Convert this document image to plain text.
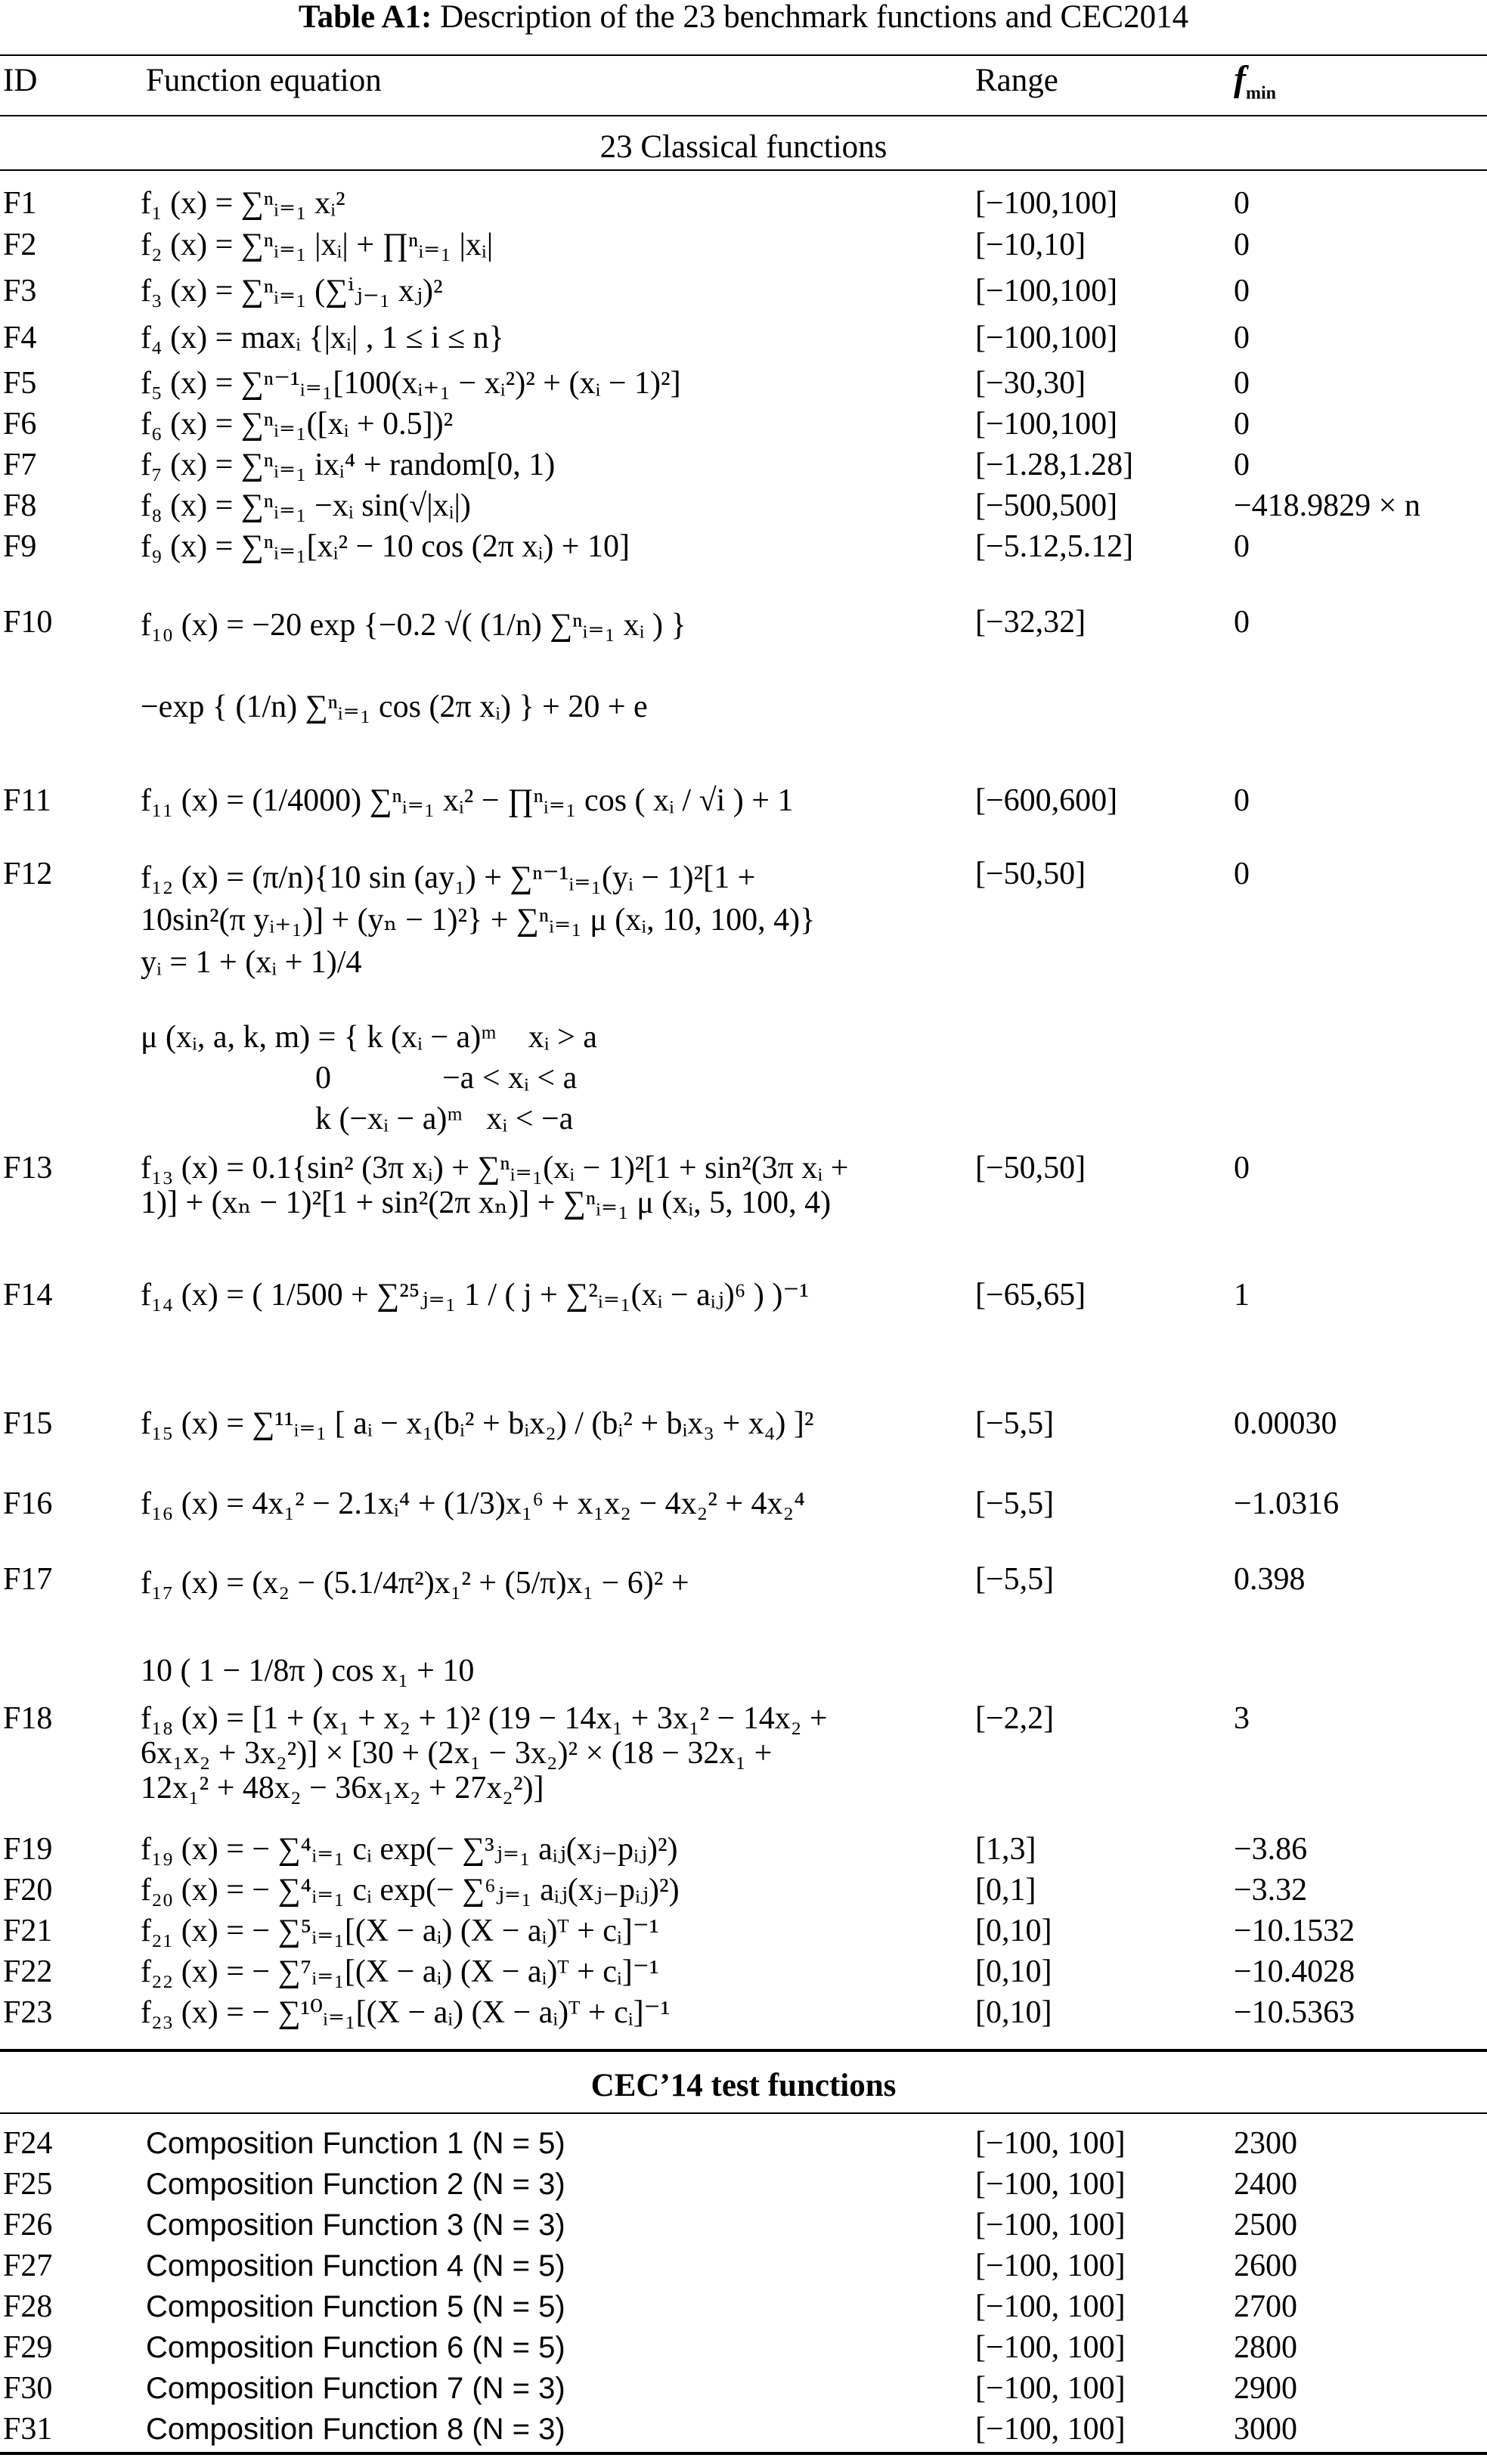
Table A1: Description of the 23 benchmark functions and CEC2014
ID	Function equation	Range	$f_{min}$
23 Classical functions
F1	f₁ (x) = ∑ⁿᵢ₌₁ xᵢ²	[−100,100]	0
F2	f₂ (x) = ∑ⁿᵢ₌₁ |xᵢ| + ∏ⁿᵢ₌₁ |xᵢ|	[−10,10]	0
F3	f₃ (x) = ∑ⁿᵢ₌₁ (∑ⁱⱼ₋₁ xⱼ)²	[−100,100]	0
F4	f₄ (x) = maxᵢ {|xᵢ| , 1 ≤ i ≤ n}	[−100,100]	0
F5	f₅ (x) = ∑ⁿ⁻¹ᵢ₌₁[100(xᵢ₊₁ − xᵢ²)² + (xᵢ − 1)²]	[−30,30]	0
F6	f₆ (x) = ∑ⁿᵢ₌₁([xᵢ + 0.5])²	[−100,100]	0
F7	f₇ (x) = ∑ⁿᵢ₌₁ ixᵢ⁴ + random[0, 1)	[−1.28,1.28]	0
F8	f₈ (x) = ∑ⁿᵢ₌₁ −xᵢ sin(√|xᵢ|)	[−500,500]	−418.9829 × n
F9	f₉ (x) = ∑ⁿᵢ₌₁[xᵢ² − 10 cos (2π xᵢ) + 10]	[−5.12,5.12]	0
F10	f₁₀ (x) = −20 exp {−0.2 √( (1/n) ∑ⁿᵢ₌₁ xᵢ ) }
−exp { (1/n) ∑ⁿᵢ₌₁ cos (2π xᵢ) } + 20 + e
[−32,32]	0
F11	f₁₁ (x) = (1/4000) ∑ⁿᵢ₌₁ xᵢ² − ∏ⁿᵢ₌₁ cos ( xᵢ / √i ) + 1	[−600,600]	0
F12	f₁₂ (x) = (π/n){10 sin (ay₁) + ∑ⁿ⁻¹ᵢ₌₁(yᵢ − 1)²[1 +
10sin²(π yᵢ₊₁)] + (yₙ − 1)²} + ∑ⁿᵢ₌₁ μ (xᵢ, 10, 100, 4)}
yᵢ = 1 + (xᵢ + 1)/4
μ (xᵢ, a, k, m) = { k (xᵢ − a)ᵐ    xᵢ > a
0              −a < xᵢ < a
k (−xᵢ − a)ᵐ   xᵢ < −a
[−50,50]	0
F13	f₁₃ (x) = 0.1{sin² (3π xᵢ) + ∑ⁿᵢ₌₁(xᵢ − 1)²[1 + sin²(3π xᵢ +
1)] + (xₙ − 1)²[1 + sin²(2π xₙ)] + ∑ⁿᵢ₌₁ μ (xᵢ, 5, 100, 4)
[−50,50]	0
F14	f₁₄ (x) = ( 1/500 + ∑²⁵ⱼ₌₁ 1 / ( j + ∑²ᵢ₌₁(xᵢ − aᵢⱼ)⁶ ) )⁻¹	[−65,65]	1
F15	f₁₅ (x) = ∑¹¹ᵢ₌₁ [ aᵢ − x₁(bᵢ² + bᵢx₂) / (bᵢ² + bᵢx₃ + x₄) ]²	[−5,5]	0.00030
F16	f₁₆ (x) = 4x₁² − 2.1xᵢ⁴ + (1/3)x₁⁶ + x₁x₂ − 4x₂² + 4x₂⁴	[−5,5]	−1.0316
F17	f₁₇ (x) = (x₂ − (5.1/4π²)x₁² + (5/π)x₁ − 6)² +
10 ( 1 − 1/8π ) cos x₁ + 10
[−5,5]	0.398
F18	f₁₈ (x) = [1 + (x₁ + x₂ + 1)² (19 − 14x₁ + 3x₁² − 14x₂ +
6x₁x₂ + 3x₂²)] × [30 + (2x₁ − 3x₂)² × (18 − 32x₁ +
12x₁² + 48x₂ − 36x₁x₂ + 27x₂²)]
[−2,2]	3
F19	f₁₉ (x) = − ∑⁴ᵢ₌₁ cᵢ exp(− ∑³ⱼ₌₁ aᵢⱼ(xⱼ₋pᵢⱼ)²)	[1,3]	−3.86
F20	f₂₀ (x) = − ∑⁴ᵢ₌₁ cᵢ exp(− ∑⁶ⱼ₌₁ aᵢⱼ(xⱼ₋pᵢⱼ)²)	[0,1]	−3.32
F21	f₂₁ (x) = − ∑⁵ᵢ₌₁[(X − aᵢ) (X − aᵢ)ᵀ + cᵢ]⁻¹	[0,10]	−10.1532
F22	f₂₂ (x) = − ∑⁷ᵢ₌₁[(X − aᵢ) (X − aᵢ)ᵀ + cᵢ]⁻¹	[0,10]	−10.4028
F23	f₂₃ (x) = − ∑¹⁰ᵢ₌₁[(X − aᵢ) (X − aᵢ)ᵀ + cᵢ]⁻¹	[0,10]	−10.5363
CEC’14 test functions
F24	Composition Function 1 (N = 5)	[−100, 100]	2300
F25	Composition Function 2 (N = 3)	[−100, 100]	2400
F26	Composition Function 3 (N = 3)	[−100, 100]	2500
F27	Composition Function 4 (N = 5)	[−100, 100]	2600
F28	Composition Function 5 (N = 5)	[−100, 100]	2700
F29	Composition Function 6 (N = 5)	[−100, 100]	2800
F30	Composition Function 7 (N = 3)	[−100, 100]	2900
F31	Composition Function 8 (N = 3)	[−100, 100]	3000
